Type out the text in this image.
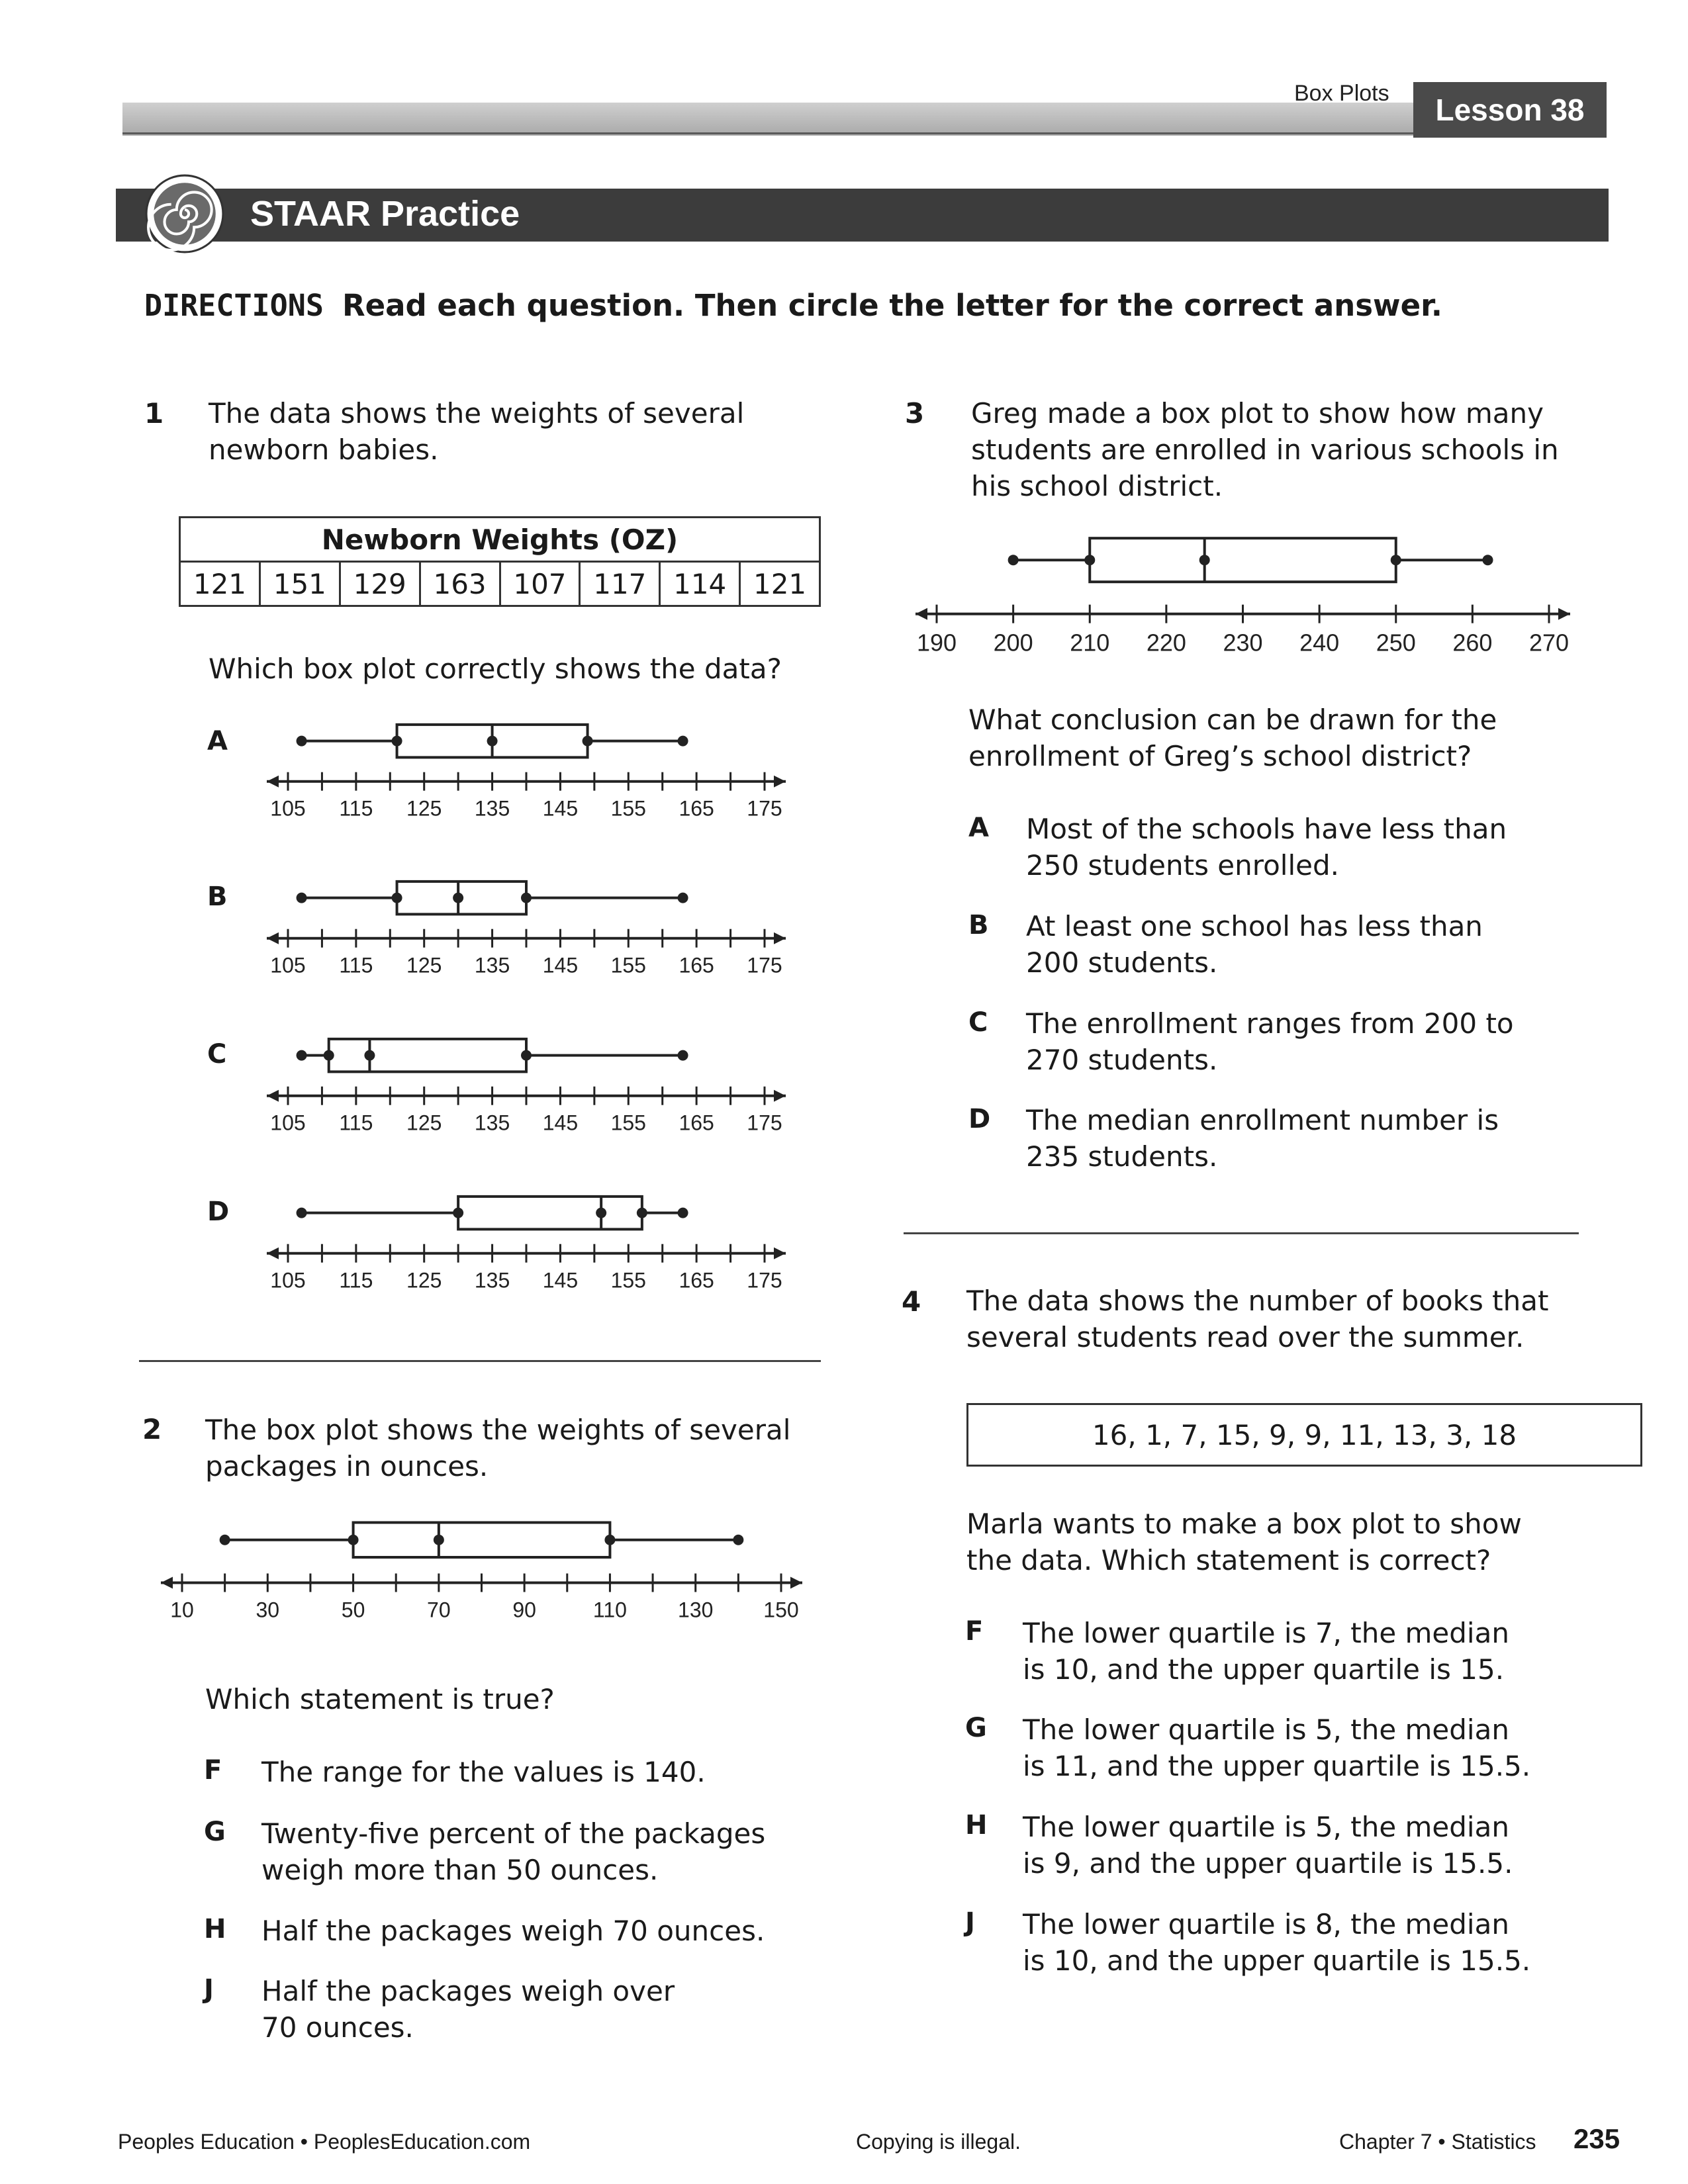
Box Plots	Lesson 38
STAAR Practice
DIRECTIONS Read each question. Then circle the letter for the correct answer.
1 The data shows the weights of several
newborn babies.
Newborn Weights (OZ)
121	151	129	163	107	117	114	121
Which box plot correctly shows the data?
A
B
C
D
105 115 125 135 145 155 165 175
105 115 125 135 145 155 165 175
105 115 125 135 145 155 165 175
105 115 125 135 145 155 165 175
2 The box plot shows the weights of several
packages in ounces.
10	30	50	70	90	110 130 150
Which statement is true?
F The range for the values is 140.
G Twenty-five percent of the packages
weigh more than 50 ounces.
H Half the packages weigh 70 ounces.
J Half the packages weigh over
70 ounces.
3 Greg made a box plot to show how many
students are enrolled in various schools in
his school district.
190 200 210 220 230 240 250 260 270
What conclusion can be drawn for the
enrollment of Greg’s school district?
A Most of the schools have less than
250 students enrolled.
B At least one school has less than
200 students.
C The enrollment ranges from 200 to
270 students.
D The median enrollment number is
235 students.
4 The data shows the number of books that
several students read over the summer.
16, 1, 7, 15, 9, 9, 11, 13, 3, 18
Marla wants to make a box plot to show
the data. Which statement is correct?
F The lower quartile is 7, the median
is 10, and the upper quartile is 15.
G The lower quartile is 5, the median
is 11, and the upper quartile is 15.5.
H The lower quartile is 5, the median
is 9, and the upper quartile is 15.5.
J The lower quartile is 8, the median
is 10, and the upper quartile is 15.5.
Peoples Education • PeoplesEducation.com	Copying is illegal.	Chapter 7 • Statistics 235
